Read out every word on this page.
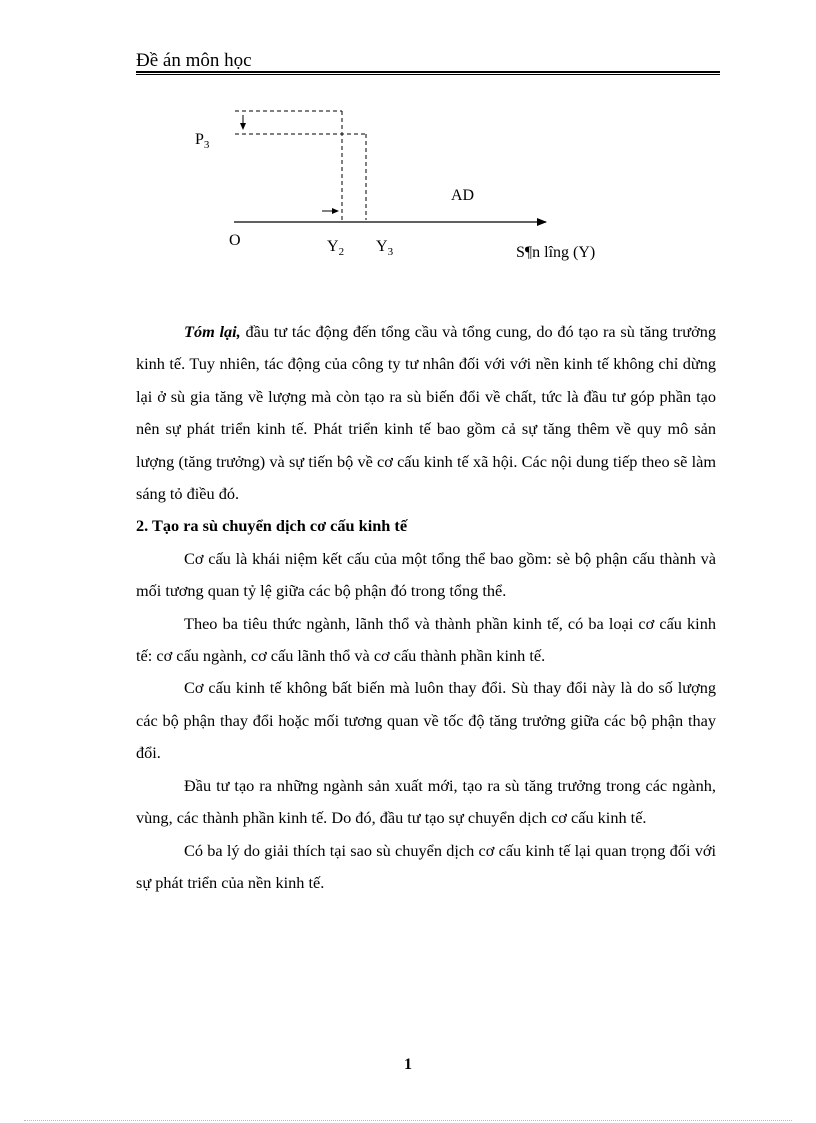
Đề án môn học
$P_3$
AD
O	$Y_2$ $Y_3$	S¶n lîng (Y)

Tóm lại, đầu tư tác động đến tổng cầu và tổng cung, do đó tạo ra sù tăng trưởng kinh tế. Tuy nhiên, tác động của công ty tư nhân đối với với nền kinh tế không chỉ dừng lại ở sù gia tăng về lượng mà còn tạo ra sù biến đổi về chất, tức là đầu tư góp phần tạo nên sự phát triển kinh tế. Phát triển kinh tế bao gồm cả sự tăng thêm về quy mô sản lượng (tăng trưởng) và sự tiến bộ về cơ cấu kinh tế xã hội. Các nội dung tiếp theo sẽ làm sáng tỏ điều đó.

2. Tạo ra sù chuyển dịch cơ cấu kinh tế

Cơ cấu là khái niệm kết cấu của một tổng thể bao gồm: sè bộ phận cấu thành và mối tương quan tỷ lệ giữa các bộ phận đó trong tổng thể.

Theo ba tiêu thức ngành, lãnh thổ và thành phần kinh tế, có ba loại cơ cấu kinh tế: cơ cấu ngành, cơ cấu lãnh thổ và cơ cấu thành phần kinh tế.

Cơ cấu kinh tế không bất biến mà luôn thay đổi. Sù thay đổi này là do số lượng các bộ phận thay đổi hoặc mối tương quan về tốc độ tăng trưởng giữa các bộ phận thay đổi.

Đầu tư tạo ra những ngành sản xuất mới, tạo ra sù tăng trưởng trong các ngành, vùng, các thành phần kinh tế. Do đó, đầu tư tạo sự chuyển dịch cơ cấu kinh tế.

Có ba lý do giải thích tại sao sù chuyển dịch cơ cấu kinh tế lại quan trọng đối với sự phát triển của nền kinh tế.

1
